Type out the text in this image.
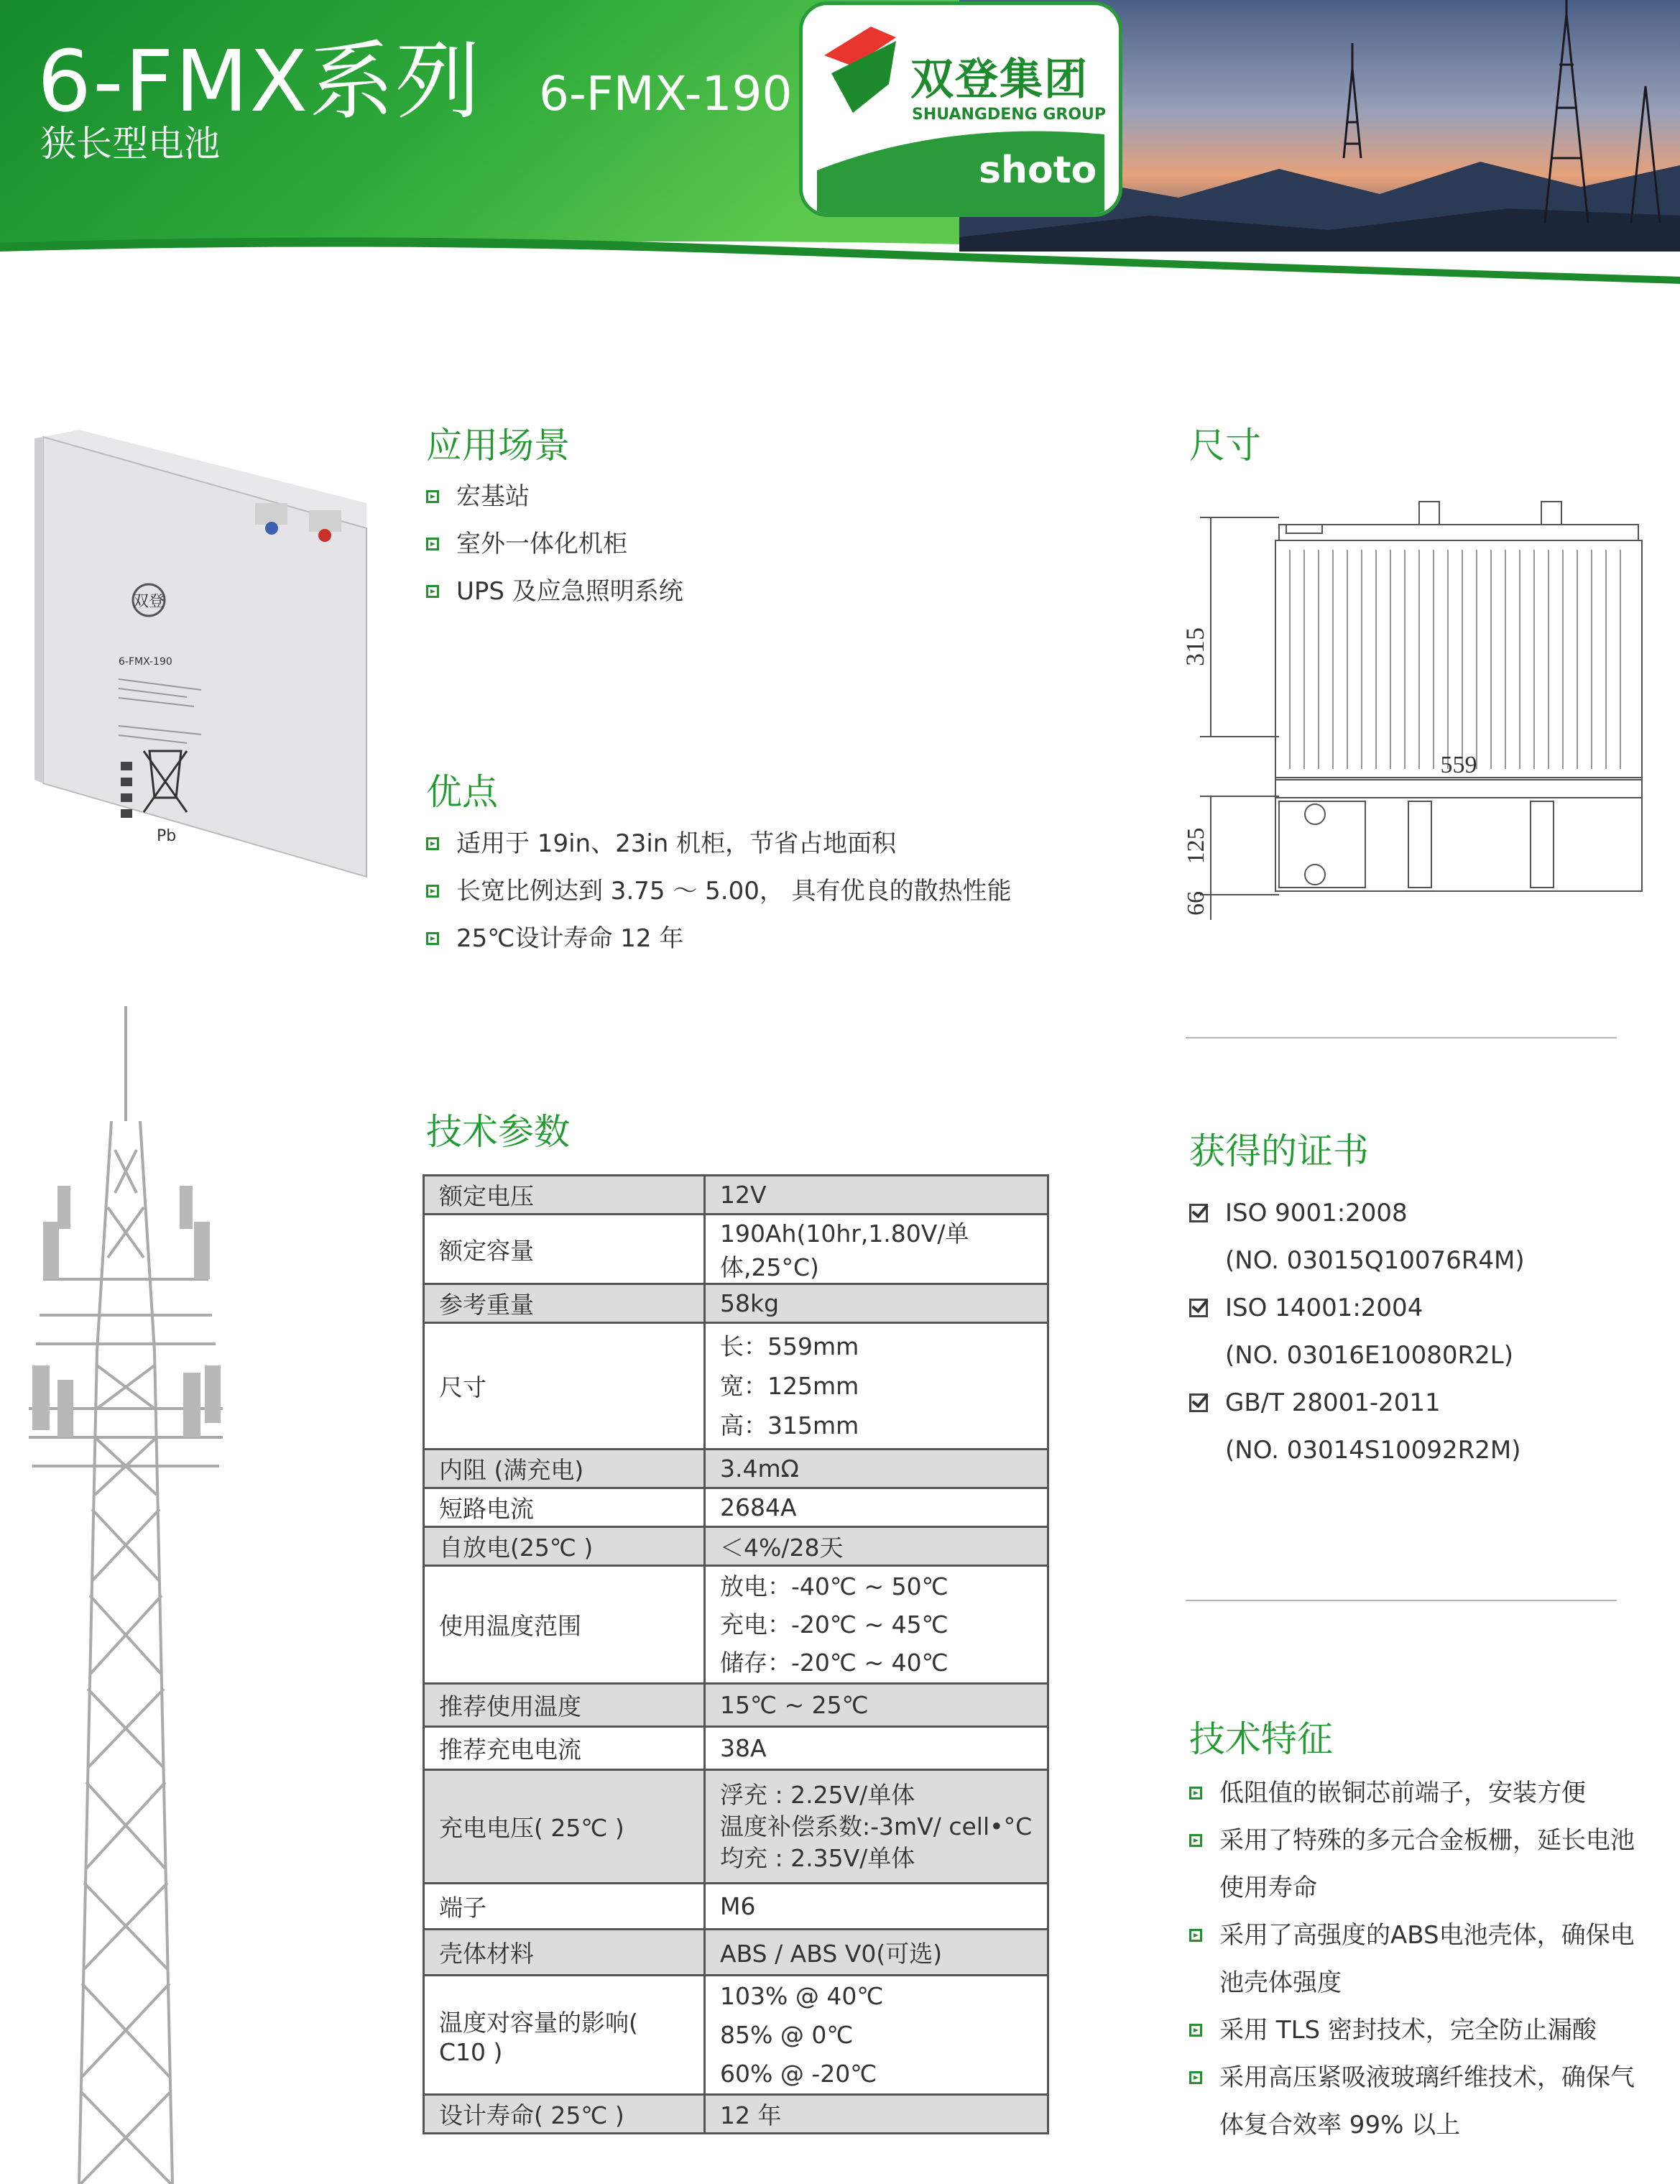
6-FMX系列
狭长型电池
6-FMX-190	双登集团
SHUANGDENG GROUP
shoto
双登
6-FMX-190
Pb
应用场景
宏基站
室外一体化机柜
UPS 及应急照明系统
优点
适用于 19in、23in 机柜，节省占地面积
长宽比例达到 3.75 ～ 5.00， 具有优良的散热性能
25℃设计寿命 12 年
尺寸
315
559
125
66
技术参数
额定电压	12V

额定容量	190Ah(10hr,1.80V/单体,25°C)

参考重量	58kg

尺寸	长：559mm
宽：125mm
高：315mm

内阻 (满充电)	3.4mΩ

短路电流	2684A

自放电(25℃ )	＜4%/28天

使用温度范围	放电：-40℃ ~ 50℃
充电：-20℃ ~ 45℃
储存：-20℃ ~ 40℃

推荐使用温度	15℃ ~ 25℃

推荐充电电流	38A

充电电压( 25℃ )	浮充 : 2.25V/单体
温度补偿系数:-3mV/ cell•°C
均充 : 2.35V/单体

端子	M6

壳体材料	ABS / ABS V0(可选)

温度对容量的影响( C10 )	103% @ 40℃
85% @ 0℃
60% @ -20℃

设计寿命( 25℃ )	12 年
获得的证书
ISO 9001:2008
(NO. 03015Q10076R4M)
ISO 14001:2004
(NO. 03016E10080R2L)
GB/T 28001-2011
(NO. 03014S10092R2M)
技术特征
低阻值的嵌铜芯前端子，安装方便
采用了特殊的多元合金板栅，延长电池
使用寿命
采用了高强度的ABS电池壳体，确保电
池壳体强度
采用 TLS 密封技术，完全防止漏酸
采用高压紧吸液玻璃纤维技术，确保气
体复合效率 99% 以上
